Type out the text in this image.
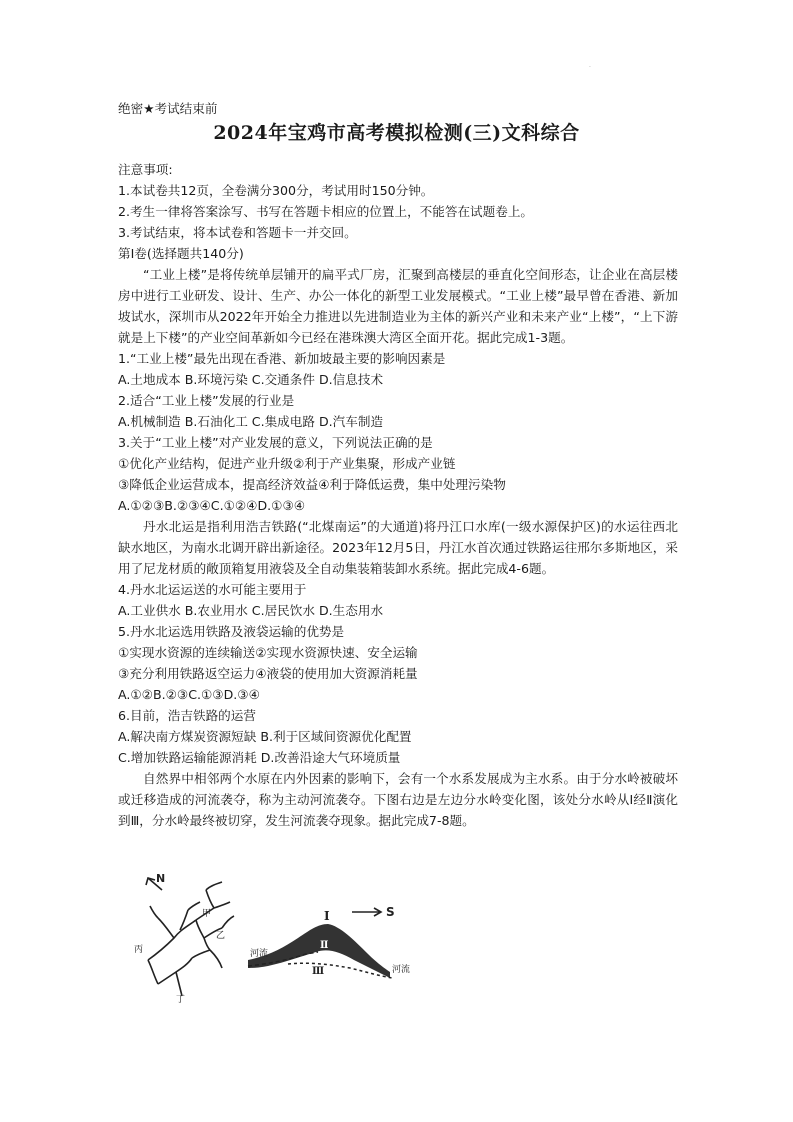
.
绝密★考试结束前
2024年宝鸡市高考模拟检测(三)文科综合
注意事项:
1.本试卷共12页，全卷满分300分，考试用时150分钟。
2.考生一律将答案涂写、书写在答题卡相应的位置上，不能答在试题卷上。
3.考试结束，将本试卷和答题卡一并交回。
第Ⅰ卷(选择题共140分)

“工业上楼”是将传统单层铺开的扁平式厂房，汇聚到高楼层的垂直化空间形态，让企业在高层楼房中进行工业研发、设计、生产、办公一体化的新型工业发展模式。“工业上楼”最早曾在香港、新加坡试水，深圳市从2022年开始全力推进以先进制造业为主体的新兴产业和未来产业“上楼”，“上下游就是上下楼”的产业空间革新如今已经在港珠澳大湾区全面开花。据此完成1-3题。

1.“工业上楼”最先出现在香港、新加坡最主要的影响因素是
A.土地成本 B.环境污染 C.交通条件 D.信息技术
2.适合“工业上楼”发展的行业是
A.机械制造 B.石油化工 C.集成电路 D.汽车制造
3.关于“工业上楼”对产业发展的意义，下列说法正确的是
①优化产业结构，促进产业升级②利于产业集聚，形成产业链
③降低企业运营成本，提高经济效益④利于降低运费，集中处理污染物
A.①②③B.②③④C.①②④D.①③④

丹水北运是指利用浩吉铁路(“北煤南运”的大通道)将丹江口水库(一级水源保护区)的水运往西北缺水地区，为南水北调开辟出新途径。2023年12月5日，丹江水首次通过铁路运往邢尔多斯地区，采用了尼龙材质的敞顶箱复用液袋及全自动集装箱装卸水系统。据此完成4-6题。

4.丹水北运运送的水可能主要用于
A.工业供水 B.农业用水 C.居民饮水 D.生态用水
5.丹水北运选用铁路及液袋运输的优势是
①实现水资源的连续输送②实现水资源快速、安全运输
③充分利用铁路返空运力④液袋的使用加大资源消耗量
A.①②B.②③C.①③D.③④
6.目前，浩吉铁路的运营
A.解决南方煤炭资源短缺 B.利于区域间资源优化配置
C.增加铁路运输能源消耗 D.改善沿途大气环境质量

自然界中相邻两个水原在内外因素的影响下，会有一个水系发展成为主水系。由于分水岭被破坏或迁移造成的河流袭夺，称为主动河流袭夺。下图右边是左边分水岭变化图，该处分水岭从Ⅰ经Ⅱ演化到Ⅲ，分水岭最终被切穿，发生河流袭夺现象。据此完成7-8题。

N
甲
乙
丙
丁
I
Ⅱ
Ⅲ
S
河流
河流
